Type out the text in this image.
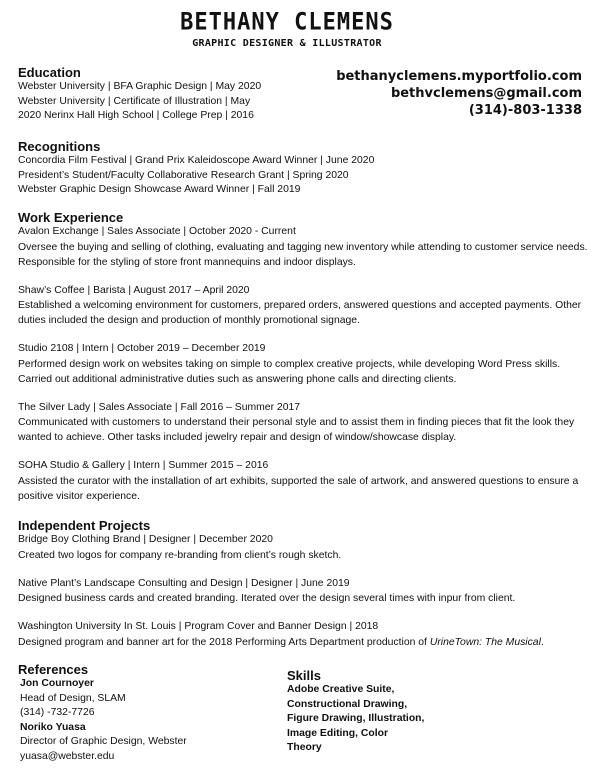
BETHANY CLEMENS
GRAPHIC DESIGNER & ILLUSTRATOR
bethanyclemens.myportfolio.com
bethvclemens@gmail.com
(314)-803-1338
Education
Webster University | BFA Graphic Design | May 2020
Webster University | Certificate of Illustration | May
2020 Nerinx Hall High School | College Prep | 2016
Recognitions
Concordia Film Festival | Grand Prix Kaleidoscope Award Winner | June 2020
President’s Student/Faculty Collaborative Research Grant | Spring 2020
Webster Graphic Design Showcase Award Winner | Fall 2019
Work Experience
Avalon Exchange | Sales Associate | October 2020 - Current
Oversee the buying and selling of clothing, evaluating and tagging new inventory while attending to customer service needs. Responsible for the styling of store front mannequins and indoor displays.
Shaw’s Coffee | Barista | August 2017 – April 2020
Established a welcoming environment for customers, prepared orders, answered questions and accepted payments. Other duties included the design and production of monthly promotional signage.
Studio 2108 | Intern | October 2019 – December 2019
Performed design work on websites taking on simple to complex creative projects, while developing Word Press skills. Carried out additional administrative duties such as answering phone calls and directing clients.
The Silver Lady | Sales Associate | Fall 2016 – Summer 2017
Communicated with customers to understand their personal style and to assist them in finding pieces that fit the look they wanted to achieve. Other tasks included jewelry repair and design of window/showcase display.
SOHA Studio & Gallery | Intern | Summer 2015 – 2016
Assisted the curator with the installation of art exhibits, supported the sale of artwork, and answered questions to ensure a positive visitor experience.
Independent Projects
Bridge Boy Clothing Brand | Designer | December 2020
Created two logos for company re-branding from client’s rough sketch.
Native Plant’s Landscape Consulting and Design | Designer | June 2019
Designed business cards and created branding. Iterated over the design several times with inpur from client.
Washington University In St. Louis | Program Cover and Banner Design | 2018
Designed program and banner art for the 2018 Performing Arts Department production of UrineTown: The Musical.
References
Jon Cournoyer
Head of Design, SLAM
(314) -732-7726
Noriko Yuasa
Director of Graphic Design, Webster
yuasa@webster.edu
Skills
Adobe Creative Suite,
Constructional Drawing,
Figure Drawing, Illustration,
Image Editing, Color
Theory
